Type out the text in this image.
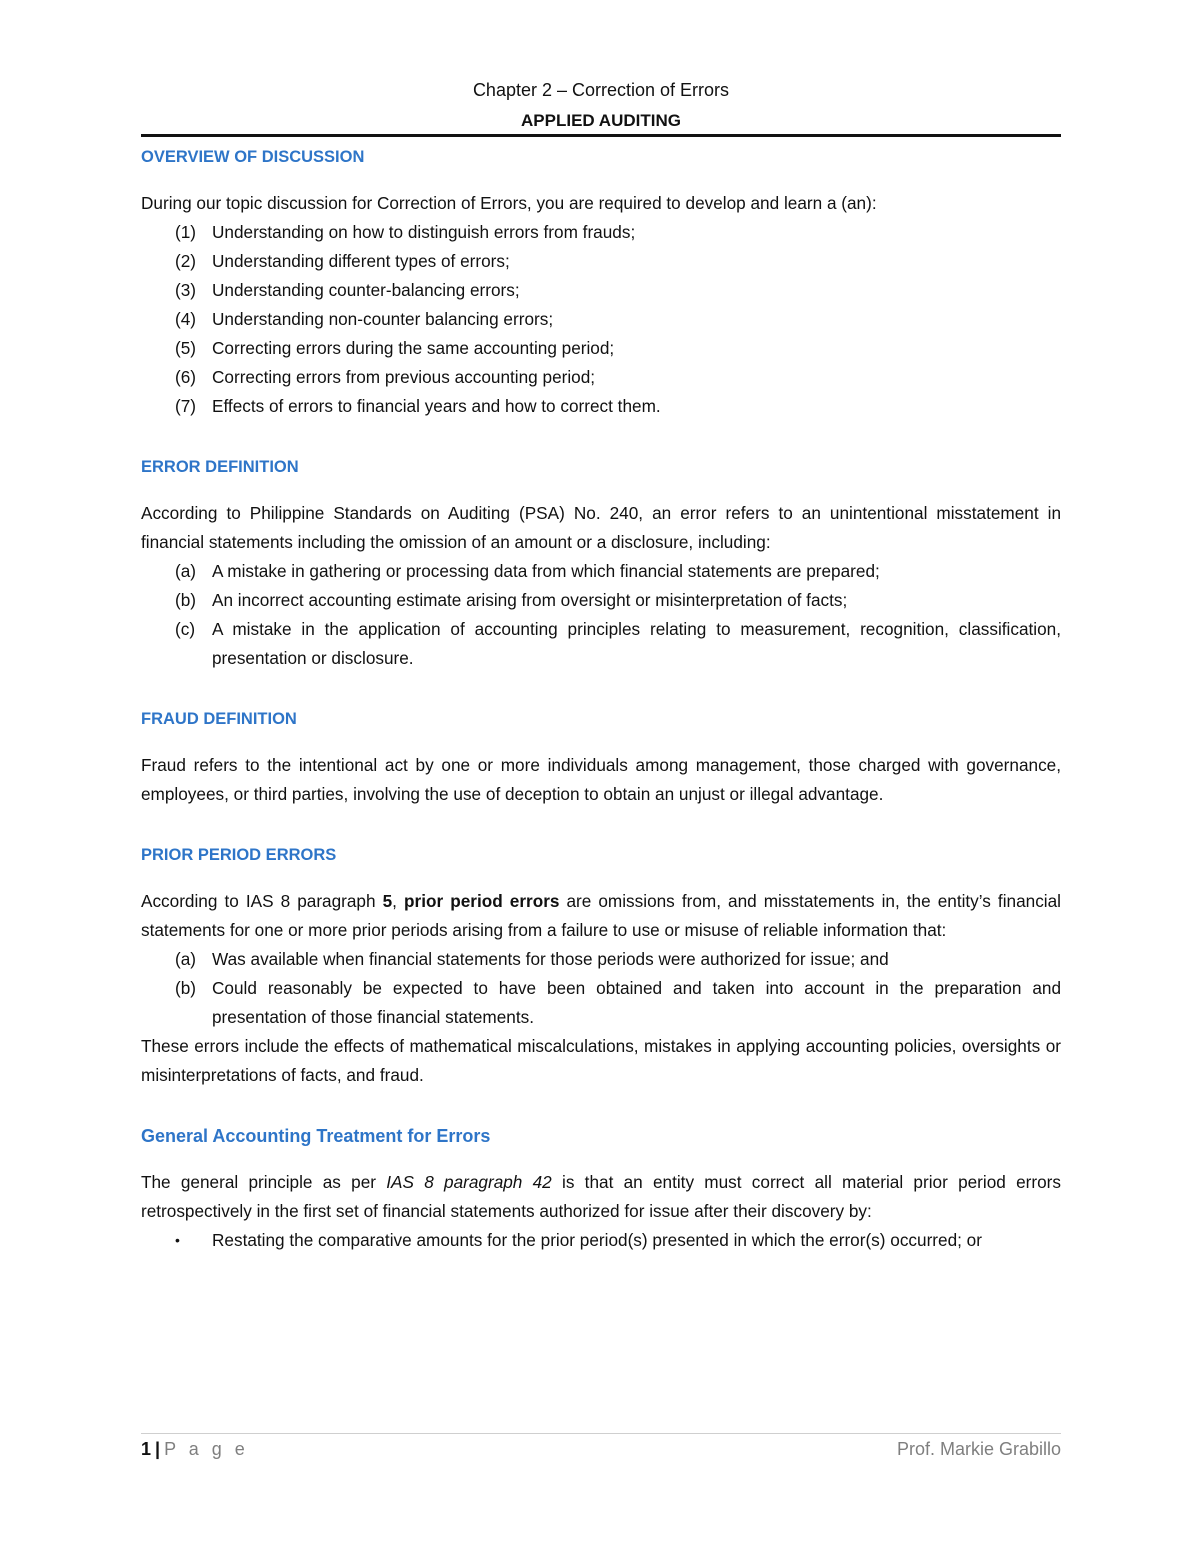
Chapter 2 – Correction of Errors
APPLIED AUDITING
OVERVIEW OF DISCUSSION

During our topic discussion for Correction of Errors, you are required to develop and learn a (an):

(1) Understanding on how to distinguish errors from frauds;
(2) Understanding different types of errors;
(3) Understanding counter-balancing errors;
(4) Understanding non-counter balancing errors;
(5) Correcting errors during the same accounting period;
(6) Correcting errors from previous accounting period;
(7) Effects of errors to financial years and how to correct them.
ERROR DEFINITION

According to Philippine Standards on Auditing (PSA) No. 240, an error refers to an unintentional misstatement in financial statements including the omission of an amount or a disclosure, including:

(a) A mistake in gathering or processing data from which financial statements are prepared;
(b) An incorrect accounting estimate arising from oversight or misinterpretation of facts;
(c) A mistake in the application of accounting principles relating to measurement, recognition, classification, presentation or disclosure.
FRAUD DEFINITION

Fraud refers to the intentional act by one or more individuals among management, those charged with governance, employees, or third parties, involving the use of deception to obtain an unjust or illegal advantage.

PRIOR PERIOD ERRORS

According to IAS 8 paragraph 5, prior period errors are omissions from, and misstatements in, the entity’s financial statements for one or more prior periods arising from a failure to use or misuse of reliable information that:

(a) Was available when financial statements for those periods were authorized for issue; and
(b) Could reasonably be expected to have been obtained and taken into account in the preparation and presentation of those financial statements.

These errors include the effects of mathematical miscalculations, mistakes in applying accounting policies, oversights or misinterpretations of facts, and fraud.

General Accounting Treatment for Errors

The general principle as per IAS 8 paragraph 42 is that an entity must correct all material prior period errors retrospectively in the first set of financial statements authorized for issue after their discovery by:

• Restating the comparative amounts for the prior period(s) presented in which the error(s) occurred; or
1 | P a g e	Prof. Markie Grabillo
